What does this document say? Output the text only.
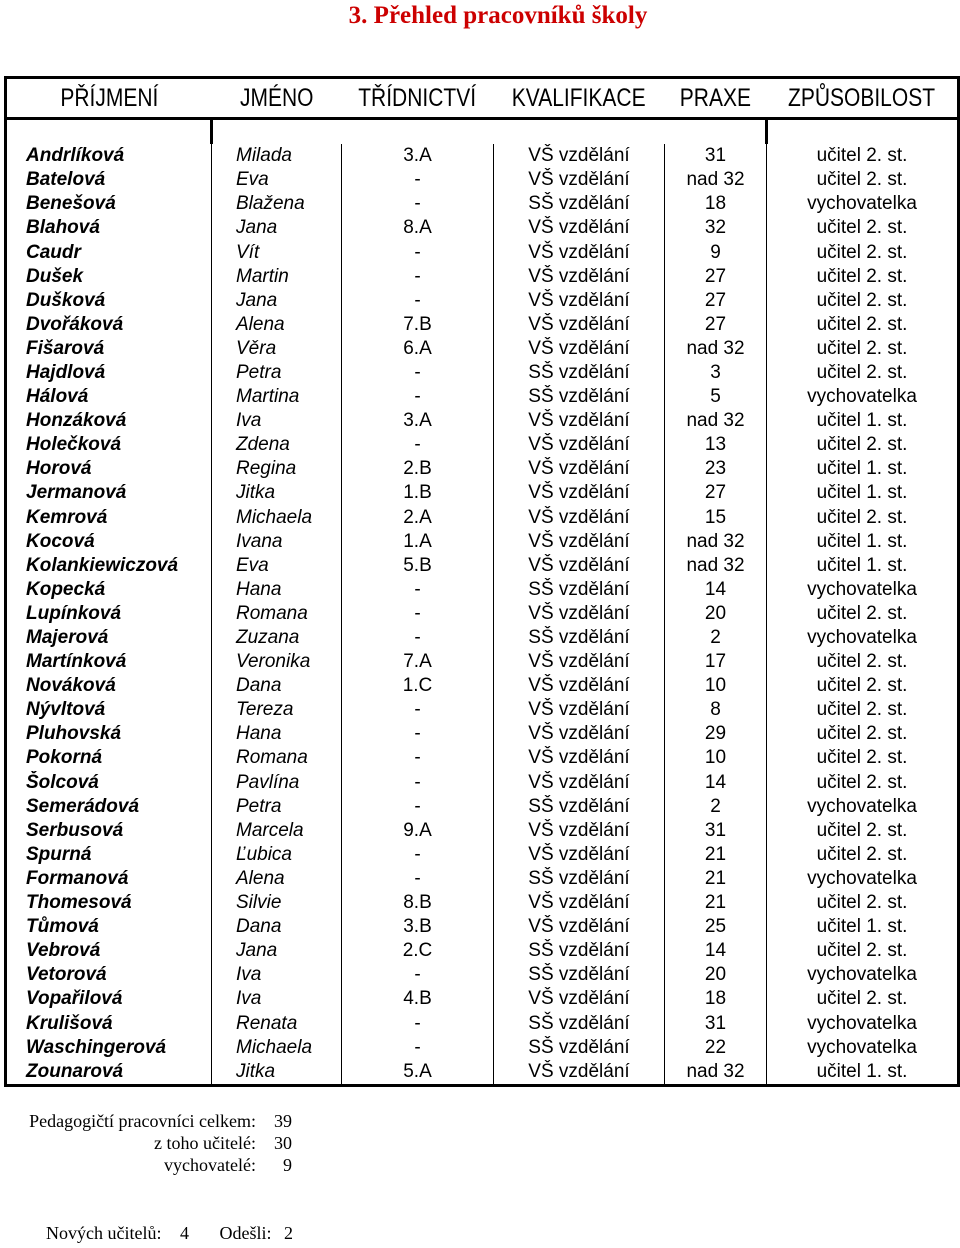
3. Přehled pracovníků školy
PŘÍJMENÍ	JMÉNO	TŘÍDNICTVÍ	KVALIFIKACE	PRAXE	ZPŮSOBILOST

Andrlíková	Milada	3.A	VŠ vzdělání	31	učitel 2. st.
Batelová	Eva	-	VŠ vzdělání	nad 32	učitel 2. st.
Benešová	Blažena	-	SŠ vzdělání	18	vychovatelka
Blahová	Jana	8.A	VŠ vzdělání	32	učitel 2. st.
Caudr	Vít	-	VŠ vzdělání	9	učitel 2. st.
Dušek	Martin	-	VŠ vzdělání	27	učitel 2. st.
Dušková	Jana	-	VŠ vzdělání	27	učitel 2. st.
Dvořáková	Alena	7.B	VŠ vzdělání	27	učitel 2. st.
Fišarová	Věra	6.A	VŠ vzdělání	nad 32	učitel 2. st.
Hajdlová	Petra	-	SŠ vzdělání	3	učitel 2. st.
Hálová	Martina	-	SŠ vzdělání	5	vychovatelka
Honzáková	Iva	3.A	VŠ vzdělání	nad 32	učitel 1. st.
Holečková	Zdena	-	VŠ vzdělání	13	učitel 2. st.
Horová	Regina	2.B	VŠ vzdělání	23	učitel 1. st.
Jermanová	Jitka	1.B	VŠ vzdělání	27	učitel 1. st.
Kemrová	Michaela	2.A	VŠ vzdělání	15	učitel 2. st.
Kocová	Ivana	1.A	VŠ vzdělání	nad 32	učitel 1. st.
Kolankiewiczová	Eva	5.B	VŠ vzdělání	nad 32	učitel 1. st.
Kopecká	Hana	-	SŠ vzdělání	14	vychovatelka
Lupínková	Romana	-	VŠ vzdělání	20	učitel 2. st.
Majerová	Zuzana	-	SŠ vzdělání	2	vychovatelka
Martínková	Veronika	7.A	VŠ vzdělání	17	učitel 2. st.
Nováková	Dana	1.C	VŠ vzdělání	10	učitel 2. st.
Nývltová	Tereza	-	VŠ vzdělání	8	učitel 2. st.
Pluhovská	Hana	-	VŠ vzdělání	29	učitel 2. st.
Pokorná	Romana	-	VŠ vzdělání	10	učitel 2. st.
Šolcová	Pavlína	-	VŠ vzdělání	14	učitel 2. st.
Semerádová	Petra	-	SŠ vzdělání	2	vychovatelka
Serbusová	Marcela	9.A	VŠ vzdělání	31	učitel 2. st.
Spurná	Ľubica	-	VŠ vzdělání	21	učitel 2. st.
Formanová	Alena	-	SŠ vzdělání	21	vychovatelka
Thomesová	Silvie	8.B	VŠ vzdělání	21	učitel 2. st.
Tůmová	Dana	3.B	VŠ vzdělání	25	učitel 1. st.
Vebrová	Jana	2.C	SŠ vzdělání	14	učitel 2. st.
Vetorová	Iva	-	SŠ vzdělání	20	vychovatelka
Vopařilová	Iva	4.B	VŠ vzdělání	18	učitel 2. st.
Krulišová	Renata	-	SŠ vzdělání	31	vychovatelka
Waschingerová	Michaela	-	SŠ vzdělání	22	vychovatelka
Zounarová	Jitka	5.A	VŠ vzdělání	nad 32	učitel 1. st.
Pedagogičtí pracovníci celkem: 39
z toho učitelé: 30
vychovatelé: 9
Nových učitelů: 4 Odešli: 2
